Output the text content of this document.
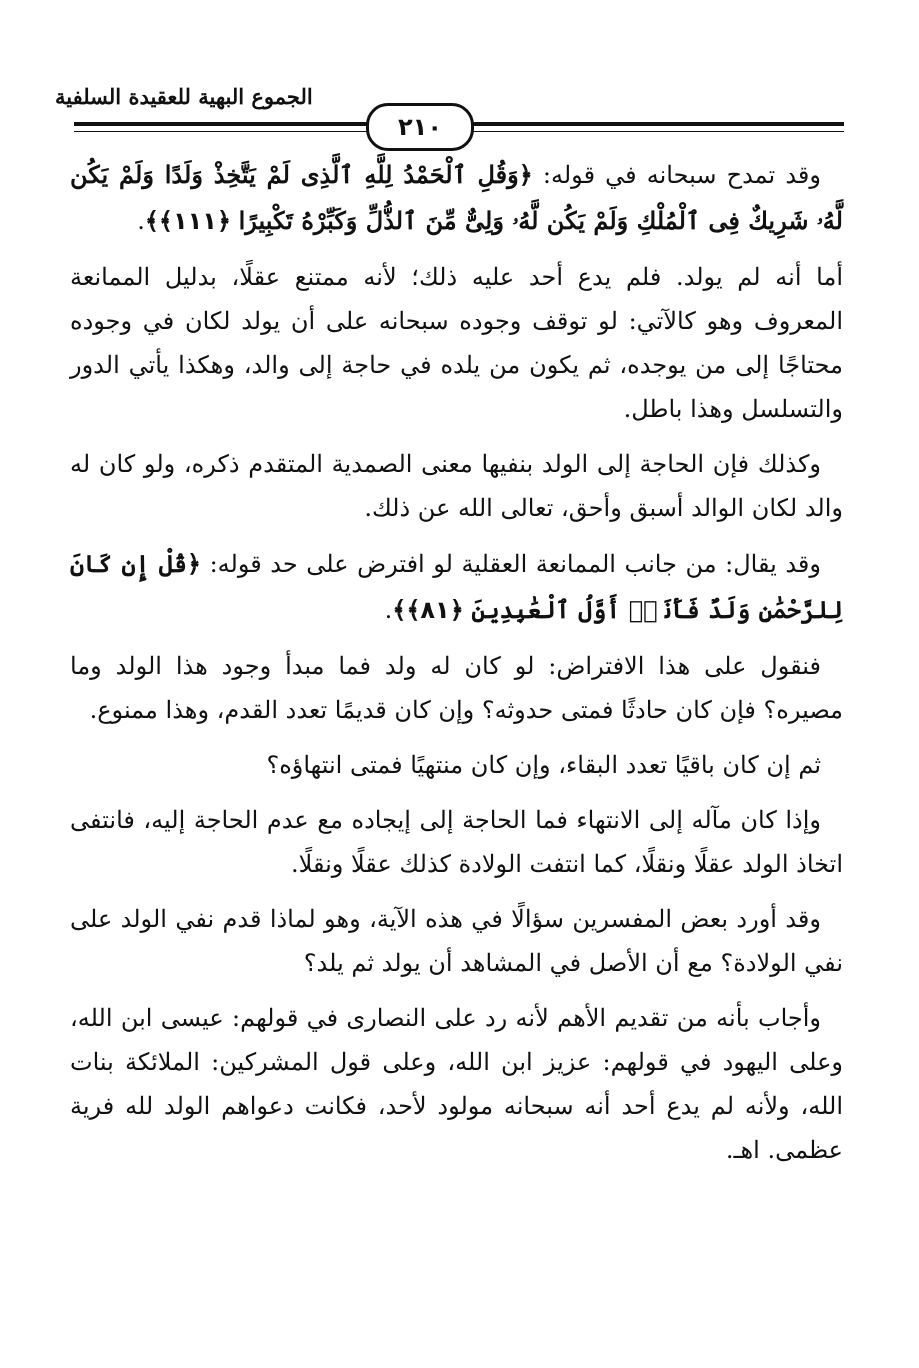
الجموع البهية للعقيدة السلفية
٢١٠

وقد تمدح سبحانه في قوله: ﴿وَقُلِ ٱلْحَمْدُ لِلَّهِ ٱلَّذِى لَمْ يَتَّخِذْ وَلَدًا وَلَمْ يَكُن لَّهُۥ شَرِيكٌ فِى ٱلْمُلْكِ وَلَمْ يَكُن لَّهُۥ وَلِىٌّ مِّنَ ٱلذُّلِّ وَكَبِّرْهُ تَكْبِيرًا ﴿١١١﴾﴾.

أما أنه لم يولد. فلم يدع أحد عليه ذلك؛ لأنه ممتنع عقلًا، بدليل الممانعة المعروف وهو كالآتي: لو توقف وجوده سبحانه على أن يولد لكان في وجوده محتاجًا إلى من يوجده، ثم يكون من يلده في حاجة إلى والد، وهكذا يأتي الدور والتسلسل وهذا باطل.

وكذلك فإن الحاجة إلى الولد بنفيها معنى الصمدية المتقدم ذكره، ولو كان له والد لكان الوالد أسبق وأحق، تعالى الله عن ذلك.

وقد يقال: من جانب الممانعة العقلية لو افترض على حد قوله: ﴿قُلْ إِن كَانَ لِلرَّحْمَٰنِ وَلَدٌ فَأَنَا۠ أَوَّلُ ٱلْعَٰبِدِينَ ﴿٨١﴾﴾.

فنقول على هذا الافتراض: لو كان له ولد فما مبدأ وجود هذا الولد وما مصيره؟ فإن كان حادثًا فمتى حدوثه؟ وإن كان قديمًا تعدد القدم، وهذا ممنوع.

ثم إن كان باقيًا تعدد البقاء، وإن كان منتهيًا فمتى انتهاؤه؟

وإذا كان مآله إلى الانتهاء فما الحاجة إلى إيجاده مع عدم الحاجة إليه، فانتفى اتخاذ الولد عقلًا ونقلًا، كما انتفت الولادة كذلك عقلًا ونقلًا.

وقد أورد بعض المفسرين سؤالًا في هذه الآية، وهو لماذا قدم نفي الولد على نفي الولادة؟ مع أن الأصل في المشاهد أن يولد ثم يلد؟

وأجاب بأنه من تقديم الأهم لأنه رد على النصارى في قولهم: عيسى ابن الله، وعلى اليهود في قولهم: عزيز ابن الله، وعلى قول المشركين: الملائكة بنات الله، ولأنه لم يدع أحد أنه سبحانه مولود لأحد، فكانت دعواهم الولد لله فرية عظمى. اهـ.
